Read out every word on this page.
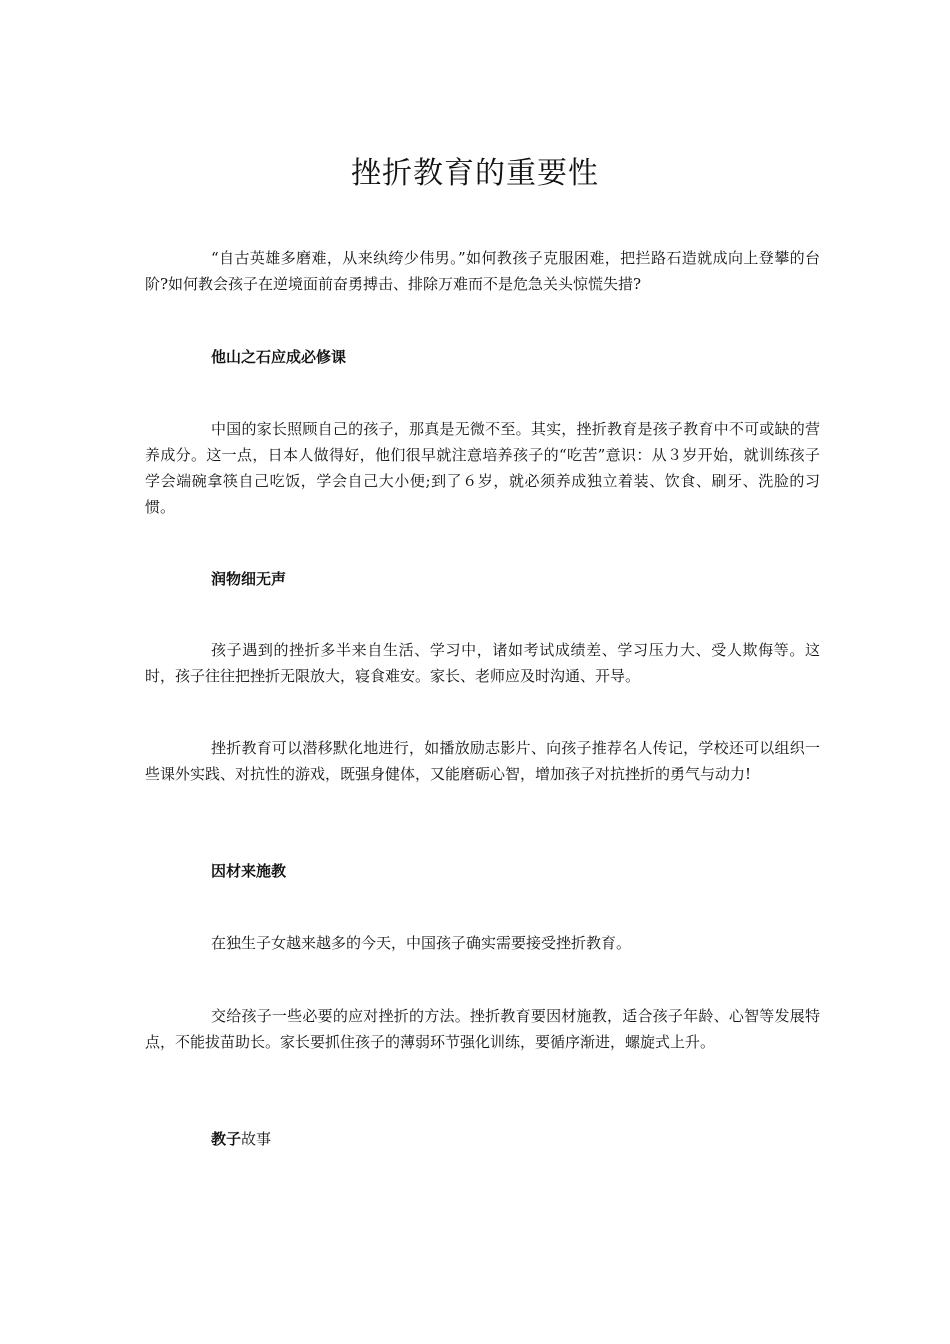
挫折教育的重要性

“自古英雄多磨难，从来纨绔少伟男。”如何教孩子克服困难，把拦路石造就成向上登攀的台阶?如何教会孩子在逆境面前奋勇搏击、排除万难而不是危急关头惊慌失措?

他山之石应成必修课

中国的家长照顾自己的孩子，那真是无微不至。其实，挫折教育是孩子教育中不可或缺的营养成分。这一点，日本人做得好，他们很早就注意培养孩子的“吃苦”意识：从３岁开始，就训练孩子学会端碗拿筷自己吃饭，学会自己大小便;到了６岁，就必须养成独立着装、饮食、刷牙、洗脸的习惯。

润物细无声

孩子遇到的挫折多半来自生活、学习中，诸如考试成绩差、学习压力大、受人欺侮等。这时，孩子往往把挫折无限放大，寝食难安。家长、老师应及时沟通、开导。

挫折教育可以潜移默化地进行，如播放励志影片、向孩子推荐名人传记，学校还可以组织一些课外实践、对抗性的游戏，既强身健体，又能磨砺心智，增加孩子对抗挫折的勇气与动力!

因材来施教

在独生子女越来越多的今天，中国孩子确实需要接受挫折教育。

交给孩子一些必要的应对挫折的方法。挫折教育要因材施教，适合孩子年龄、心智等发展特点，不能拔苗助长。家长要抓住孩子的薄弱环节强化训练，要循序渐进，螺旋式上升。

教子故事
